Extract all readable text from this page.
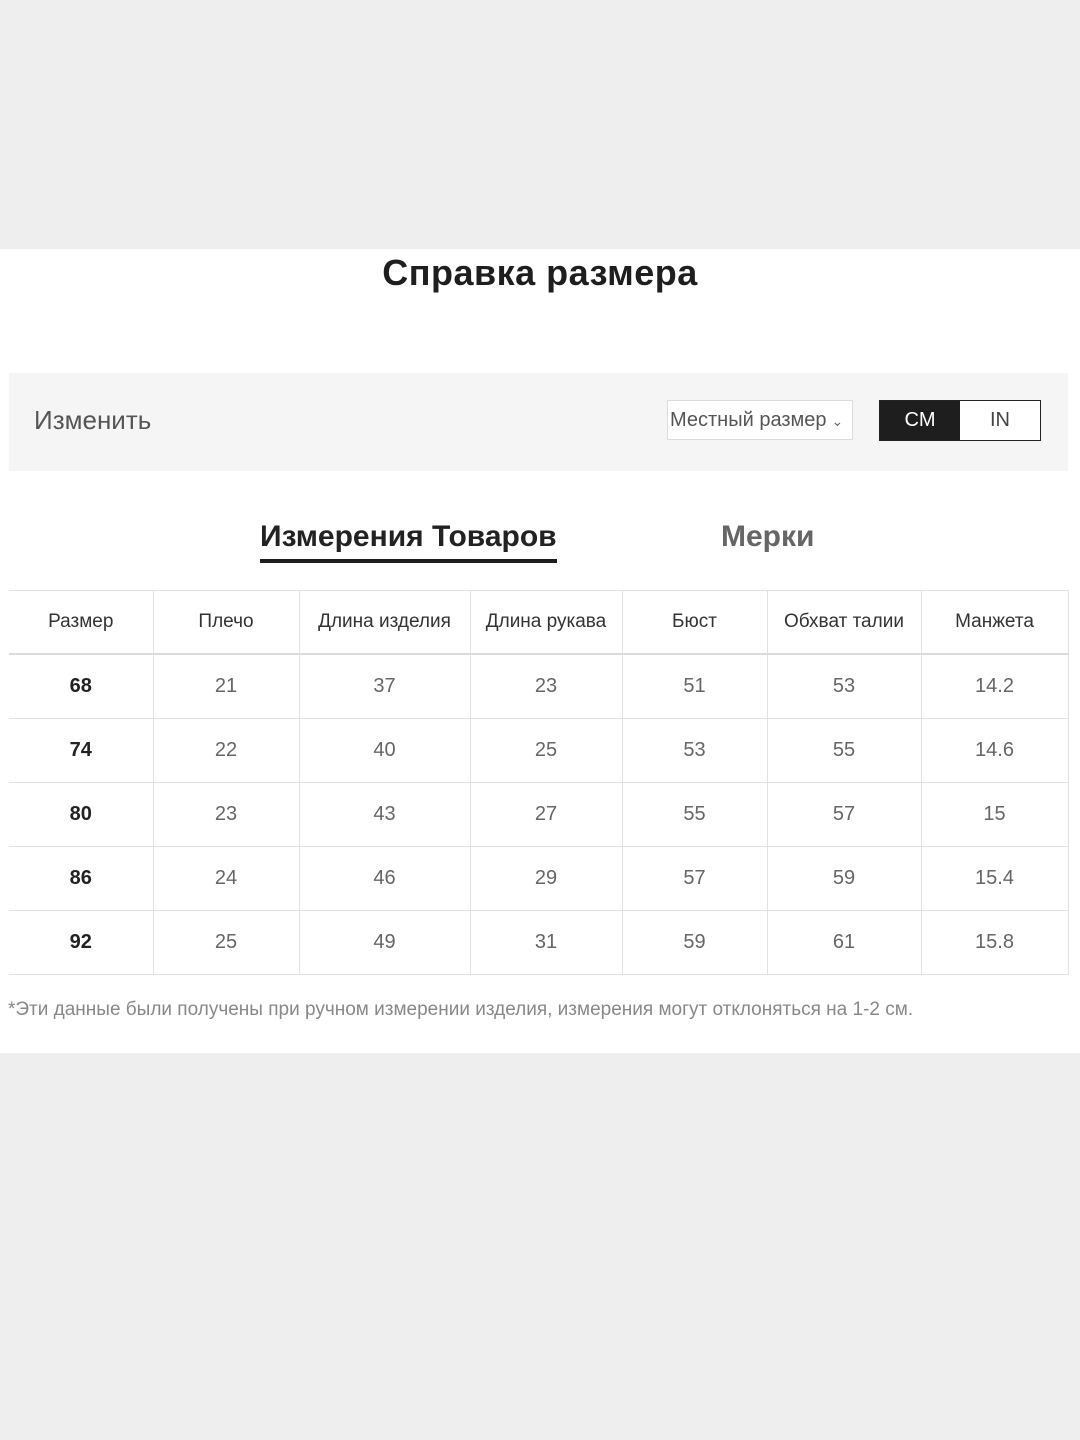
Справка размера
Изменить	Местный размер ⌄	CM	IN
Измерения Товаров	Мерки
Размер	Плечо	Длина изделия	Длина рукава	Бюст	Обхват талии	Манжета
68	21	37	23	51	53	14.2
74	22	40	25	53	55	14.6
80	23	43	27	55	57	15
86	24	46	29	57	59	15.4
92	25	49	31	59	61	15.8
*Эти данные были получены при ручном измерении изделия, измерения могут отклоняться на 1-2 см.
